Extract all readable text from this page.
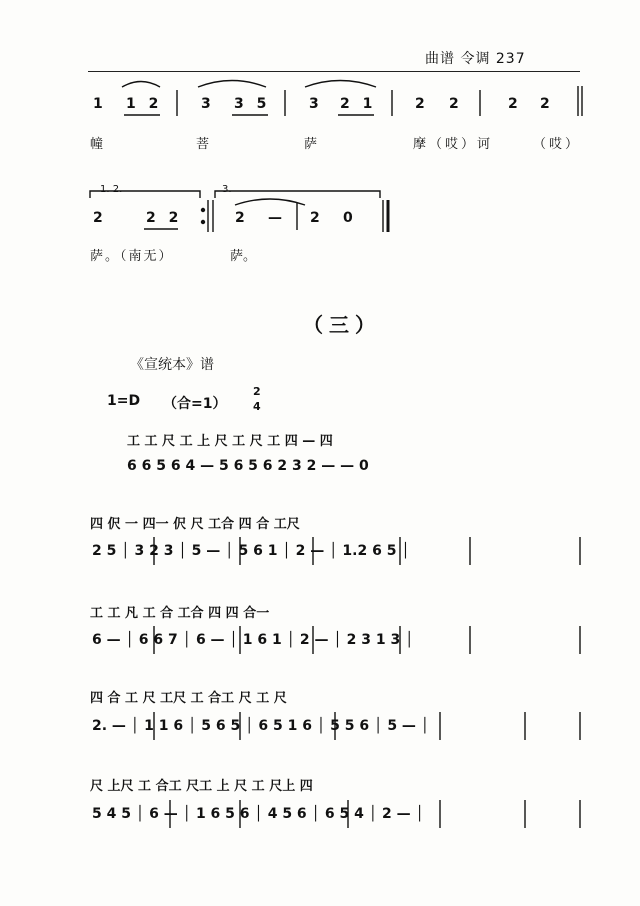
曲谱 令调 237
1 1 2	3 3 5	3 2 1	2 2	2 2
幢	菩	萨	摩（哎）诃	（哎）
1. 2.	3.
2	2 2	2 — 2 0
萨。（南无）	萨。
（三）
《宣统本》谱
1=D （合=1）
2
4
工 工 尺 工 上 尺 工 尺 工 四 — 四
6 6 5 6 4 — 5 6 5 6 2 3 2 — — 0
四 伬 一 四一 伬 尺 工合 四 合 工尺
2 5 │ 3 2 3 │ 5 — │ 5 6 1 │ 2 — │ 1.2 6 5 │
工 工 凡 工 合 工合 四 四 合一
6 — │ 6 6 7 │ 6 — │ 1 6 1 │ 2 — │ 2 3 1 3 │
四 合 工 尺 工尺 工 合工 尺 工 尺
2. — │ 1 1 6 │ 5 6 5 │ 6 5 1 6 │ 5 5 6 │ 5 — │
尺 上尺 工 合工 尺工 上 尺 工 尺上 四
5 4 5 │ 6 — │ 1 6 5 6 │ 4 5 6 │ 6 5 4 │ 2 — │
